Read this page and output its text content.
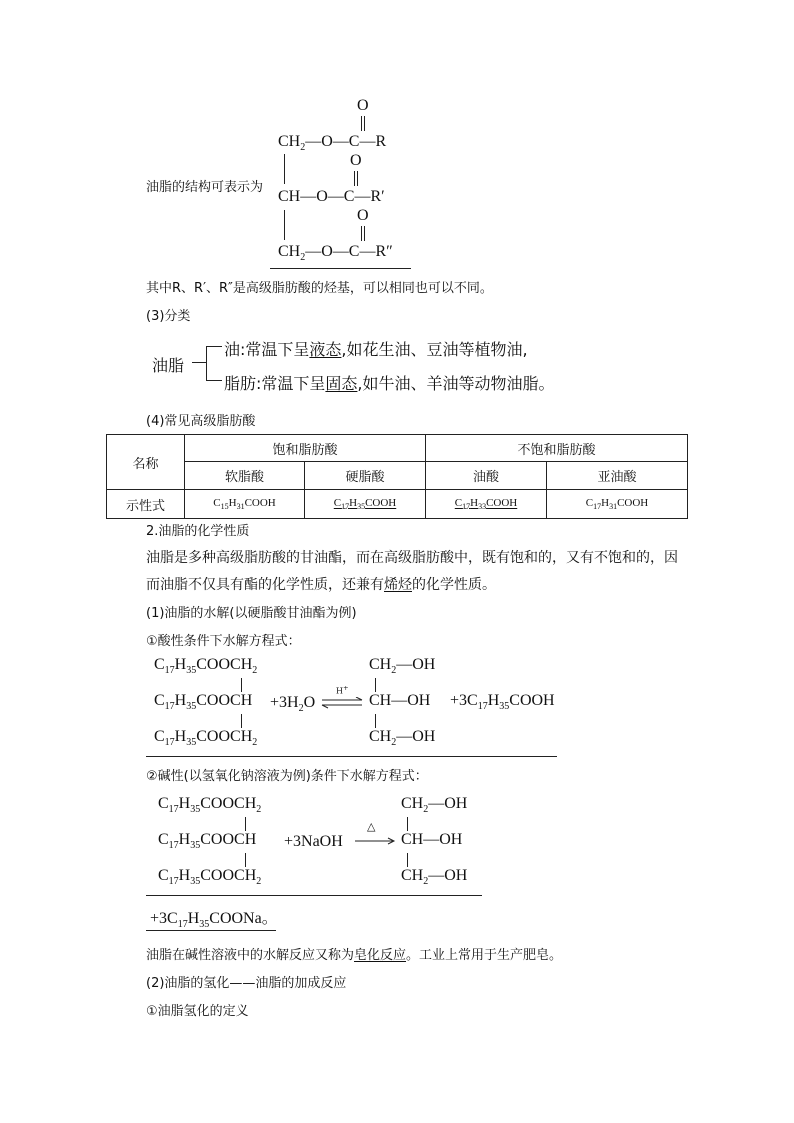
油脂的结构可表示为
O
O
O
$CH_2—O—C—R$
CH—O—C—R′
$CH_2—O—C—R''$
其中R、R′、R″是高级脂肪酸的烃基，可以相同也可以不同。
(3)分类
油脂
油:常温下呈液态,如花生油、豆油等植物油,
脂肪:常温下呈固态,如牛油、羊油等动物油脂。
(4)常见高级脂肪酸
名称	饱和脂肪酸		不饱和脂肪酸	
	软脂酸	硬脂酸	油酸	亚油酸
示性式	$C_{15}H_{31}COOH$	$C_{17}H_{35}COOH$	$C_{17}H_{33}COOH$	$C_{17}H_{31}COOH$
2.油脂的化学性质
油脂是多种高级脂肪酸的甘油酯，而在高级脂肪酸中，既有饱和的，又有不饱和的，因
而油脂不仅具有酯的化学性质，还兼有烯烃的化学性质。
(1)油脂的水解(以硬脂酸甘油酯为例)
①酸性条件下水解方程式：
$C_{17}H_{35}COOCH_2$
$C_{17}H_{35}COOCH$
$C_{17}H_{35}COOCH_2$
$+3H_2O$
H+
$CH_2—OH$
CH—OH
$CH_2—OH$
$+3C_{17}H_{35}COOH$
②碱性(以氢氧化钠溶液为例)条件下水解方程式：
$C_{17}H_{35}COOCH_2$
$C_{17}H_{35}COOCH$
$C_{17}H_{35}COOCH_2$
+3NaOH
△
$CH_2—OH$
CH—OH
$CH_2—OH$
$+3C_{17}H_{35}COONa$。
油脂在碱性溶液中的水解反应又称为皂化反应。工业上常用于生产肥皂。
(2)油脂的氢化——油脂的加成反应
①油脂氢化的定义
